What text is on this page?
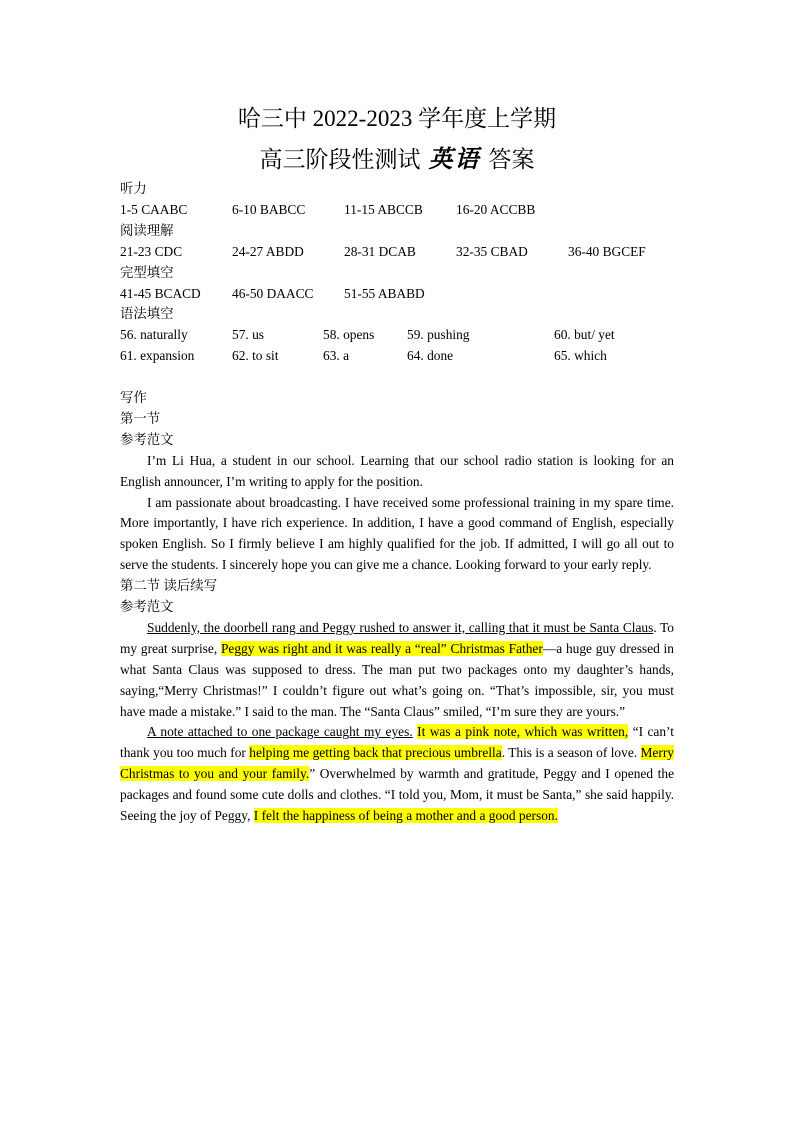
哈三中 2022-2023 学年度上学期
高三阶段性测试 英语 答案
听力
1-5 CAABC	6-10 BABCC	11-15 ABCCB 16-20 ACCBB
阅读理解
21-23 CDC	24-27 ABDD	28-31 DCAB	32-35 CBAD	36-40 BGCEF
完型填空
41-45 BCACD 46-50 DAACC 51-55 ABABD
语法填空
56. naturally	57. us	58. opens 59. pushing	60. but/ yet
61. expansion	62. to sit	63. a	64. done	65. which
写作
第一节
参考范文

I’m Li Hua, a student in our school. Learning that our school radio station is looking for an English announcer, I’m writing to apply for the position.

I am passionate about broadcasting. I have received some professional training in my spare time. More importantly, I have rich experience. In addition, I have a good command of English, especially spoken English. So I firmly believe I am highly qualified for the job. If admitted, I will go all out to serve the students. I sincerely hope you can give me a chance. Looking forward to your early reply.

第二节 读后续写
参考范文

Suddenly, the doorbell rang and Peggy rushed to answer it, calling that it must be Santa Claus. To my great surprise, Peggy was right and it was really a “real” Christmas Father—a huge guy dressed in what Santa Claus was supposed to dress. The man put two packages onto my daughter’s hands, saying,“Merry Christmas!” I couldn’t figure out what’s going on. “That’s impossible, sir, you must have made a mistake.” I said to the man. The “Santa Claus” smiled, “I’m sure they are yours.”

A note attached to one package caught my eyes. It was a pink note, which was written, “I can’t thank you too much for helping me getting back that precious umbrella. This is a season of love. Merry Christmas to you and your family.” Overwhelmed by warmth and gratitude, Peggy and I opened the packages and found some cute dolls and clothes. “I told you, Mom, it must be Santa,” she said happily. Seeing the joy of Peggy, I felt the happiness of being a mother and a good person.
